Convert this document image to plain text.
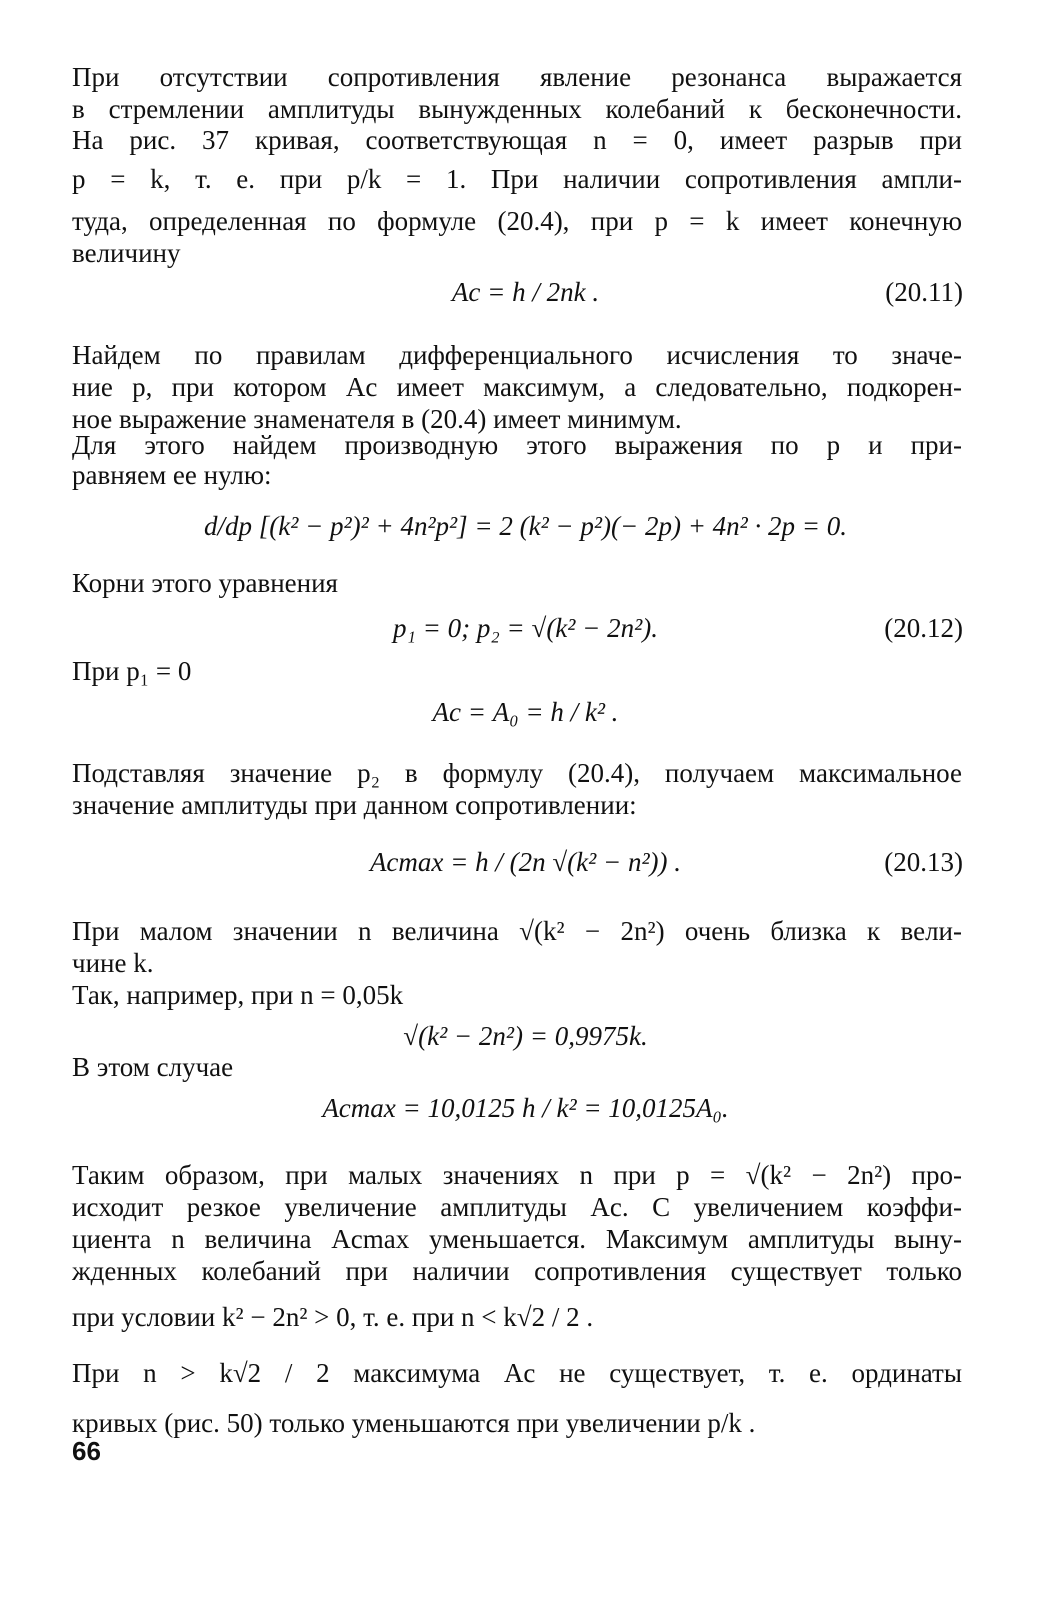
При отсутствии сопротивления явление резонанса выражается
в стремлении амплитуды вынужденных колебаний к бесконечности.
На рис. 37 кривая, соответствующая n = 0, имеет разрыв при
p = k, т. е. при p/k = 1. При наличии сопротивления ампли-
туда, определенная по формуле (20.4), при p = k имеет конечную
величину
Aс = h / 2nk .	(20.11)
Найдем по правилам дифференциального исчисления то значе-
ние p, при котором Aс имеет максимум, а следовательно, подкорен-
ное выражение знаменателя в (20.4) имеет минимум.
Для этого найдем производную этого выражения по p и при-
равняем ее нулю:
d/dp [(k² − p²)² + 4n²p²] = 2 (k² − p²)(− 2p) + 4n² · 2p = 0.
Корни этого уравнения
p₁ = 0; p₂ = √(k² − 2n²).	(20.12)
При p₁ = 0
Aс = A₀ = h / k² .
Подставляя значение p₂ в формулу (20.4), получаем максимальное
значение амплитуды при данном сопротивлении:
Aсmax = h / (2n √(k² − n²)) .	(20.13)
При малом значении n величина √(k² − 2n²) очень близка к вели-
чине k.
Так, например, при n = 0,05k
√(k² − 2n²) = 0,9975k.
В этом случае
Aсmax = 10,0125 h / k² = 10,0125A₀.
Таким образом, при малых значениях n при p = √(k² − 2n²) про-
исходит резкое увеличение амплитуды Aс. С увеличением коэффи-
циента n величина Aсmax уменьшается. Максимум амплитуды выну-
жденных колебаний при наличии сопротивления существует только
при условии k² − 2n² > 0, т. е. при n < k√2 / 2 .
При n > k√2 / 2 максимума Aс не существует, т. е. ординаты
кривых (рис. 50) только уменьшаются при увеличении p/k .
66
